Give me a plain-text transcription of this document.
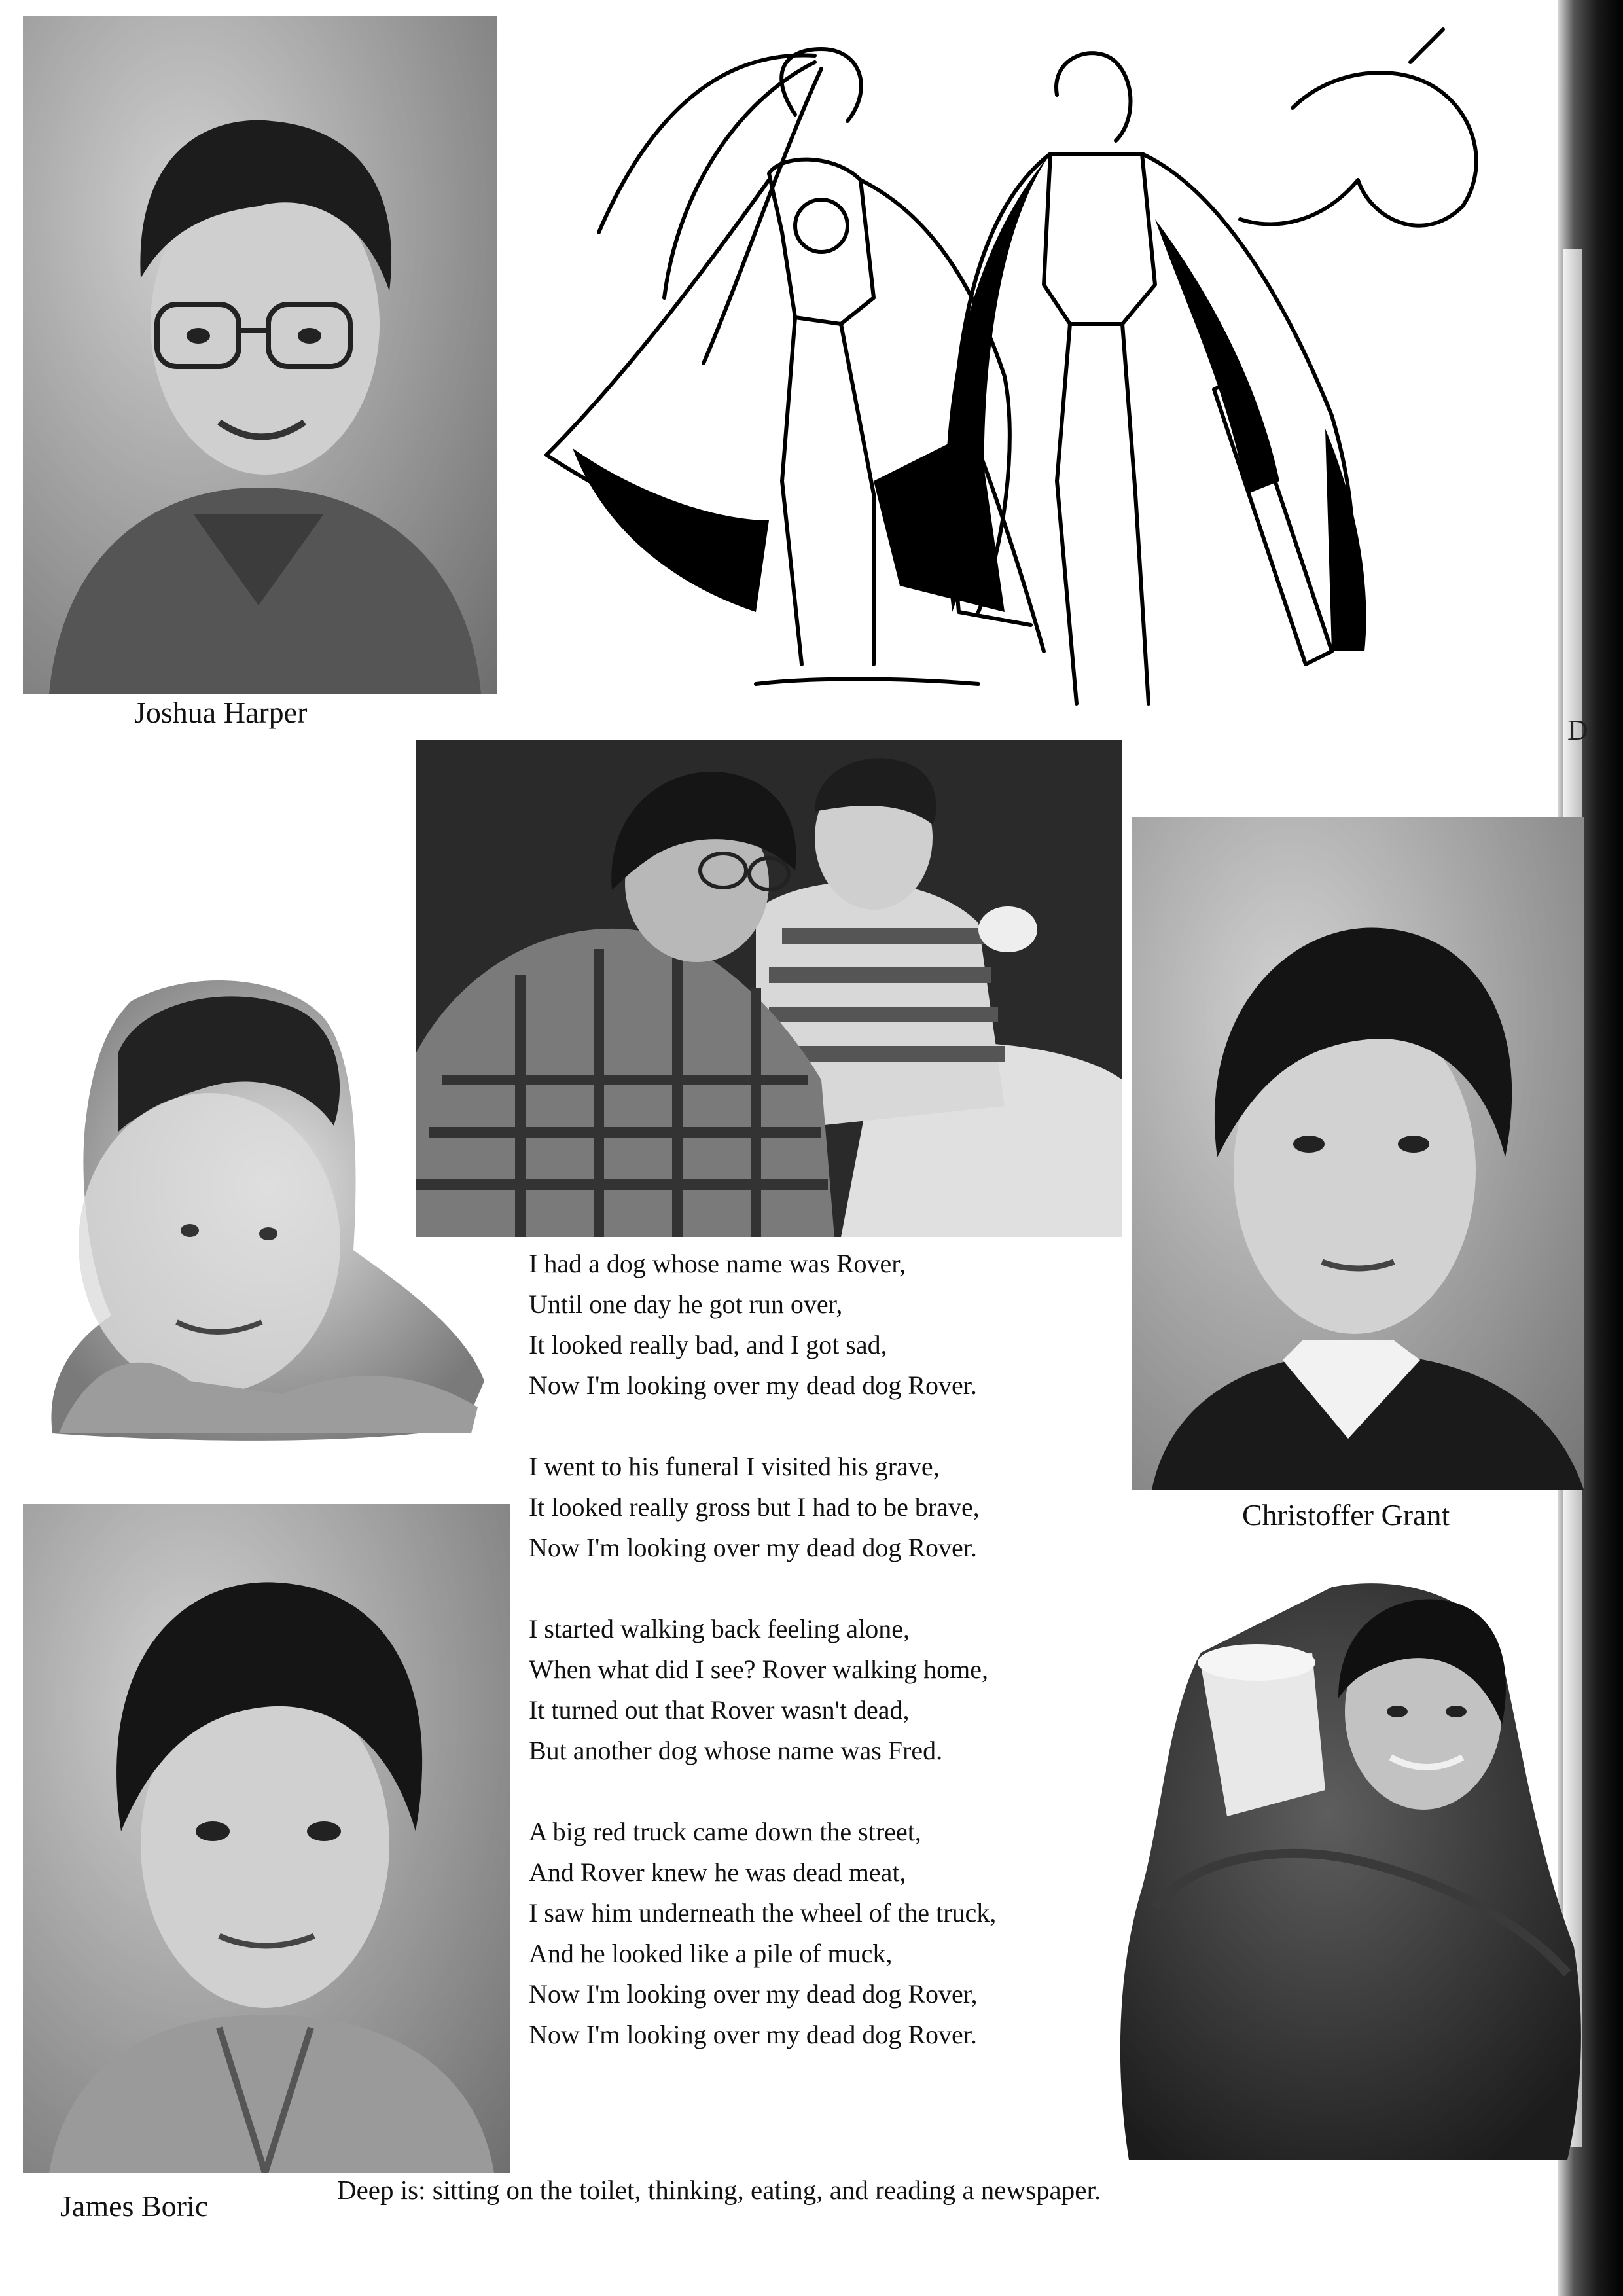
D
Joshua Harper
Christoffer Grant
James Boric
I had a dog whose name was Rover,
Until one day he got run over,
It looked really bad, and I got sad,
Now I'm looking over my dead dog Rover.
I went to his funeral I visited his grave,
It looked really gross but I had to be brave,
Now I'm looking over my dead dog Rover.
I started walking back feeling alone,
When what did I see? Rover walking home,
It turned out that Rover wasn't dead,
But another dog whose name was Fred.
A big red truck came down the street,
And Rover knew he was dead meat,
I saw him underneath the wheel of the truck,
And he looked like a pile of muck,
Now I'm looking over my dead dog Rover,
Now I'm looking over my dead dog Rover.
Deep is: sitting on the toilet, thinking, eating, and reading a newspaper.
